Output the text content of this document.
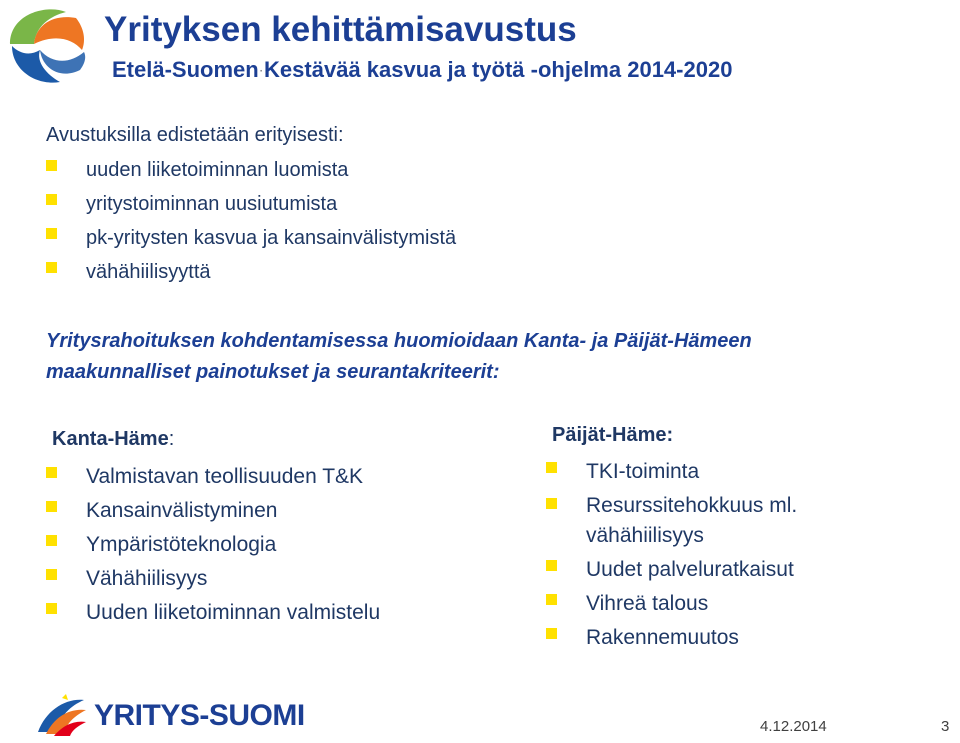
Yrityksen kehittämisavustus
Etelä-Suomen·Kestävää kasvua ja työtä -ohjelma 2014-2020
Avustuksilla edistetään erityisesti:
uuden liiketoiminnan luomista
yritystoiminnan uusiutumista
pk-yritysten kasvua ja kansainvälistymistä
vähähiilisyyttä
Yritysrahoituksen kohdentamisessa huomioidaan Kanta- ja Päijät-Hämeen
maakunnalliset painotukset ja seurantakriteerit:
Kanta-Häme:
Valmistavan teollisuuden T&K
Kansainvälistyminen
Ympäristöteknologia
Vähähiilisyys
Uuden liiketoiminnan valmistelu
Päijät-Häme:
TKI-toiminta
Resurssitehokkuus ml.
vähähiilisyys
Uudet palveluratkaisut
Vihreä talous
Rakennemuutos
YRITYS-SUOMI	4.12.2014	3
